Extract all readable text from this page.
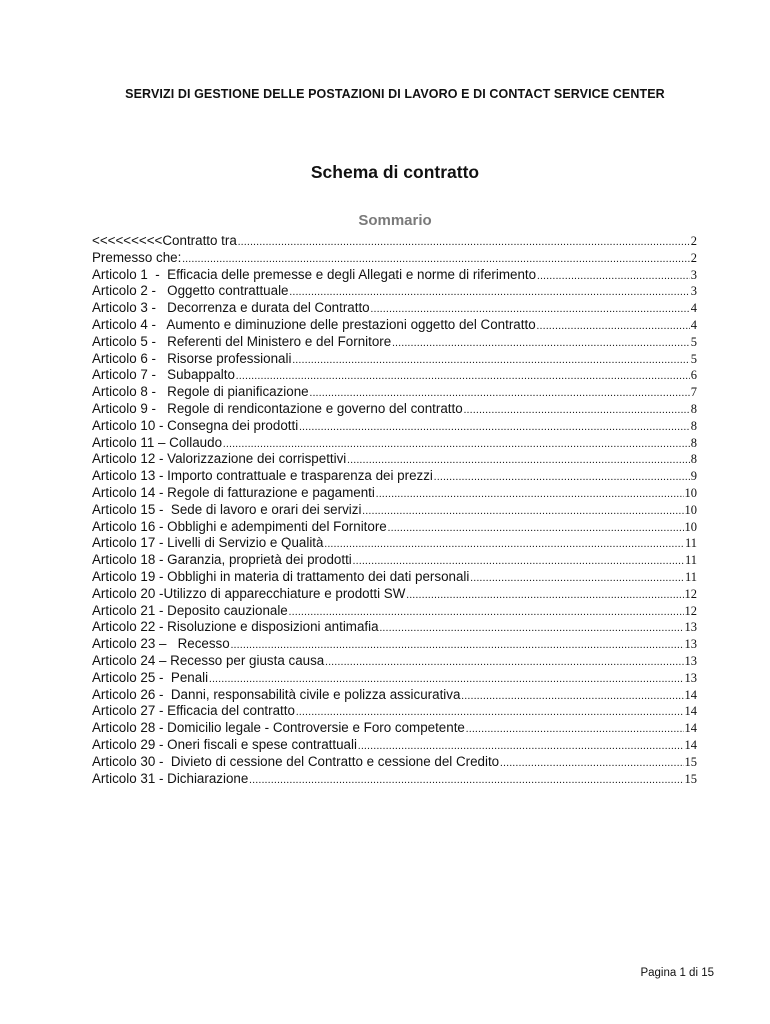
SERVIZI DI GESTIONE DELLE POSTAZIONI DI LAVORO E DI CONTACT SERVICE CENTER
Schema di contratto
Sommario
<<<<<<<<<Contratto tra .....	2
Premesso che: .....	2
Articolo 1  -  Efficacia delle premesse e degli Allegati e norme di riferimento .....	3
Articolo 2 -   Oggetto contrattuale .....	3
Articolo 3 -   Decorrenza e durata del Contratto .....	4
Articolo 4 -   Aumento e diminuzione delle prestazioni oggetto del Contratto .....	4
Articolo 5 -   Referenti del Ministero e del Fornitore .....	5
Articolo 6 -   Risorse professionali .....	5
Articolo 7 -   Subappalto .....	6
Articolo 8 -   Regole di pianificazione .....	7
Articolo 9 -   Regole di rendicontazione e governo del contratto .....	8
Articolo 10 - Consegna dei prodotti .....	8
Articolo 11 – Collaudo .....	8
Articolo 12 - Valorizzazione dei corrispettivi .....	8
Articolo 13 - Importo contrattuale e trasparenza dei prezzi .....	9
Articolo 14 - Regole di fatturazione e pagamenti .....	10
Articolo 15 -  Sede di lavoro e orari dei servizi .....	10
Articolo 16 - Obblighi e adempimenti del Fornitore .....	10
Articolo 17 - Livelli di Servizio e Qualità .....	11
Articolo 18 - Garanzia, proprietà dei prodotti .....	11
Articolo 19 - Obblighi in materia di trattamento dei dati personali .....	11
Articolo 20 -Utilizzo di apparecchiature e prodotti SW .....	12
Articolo 21 - Deposito cauzionale .....	12
Articolo 22 - Risoluzione e disposizioni antimafia .....	13
Articolo 23 –   Recesso .....	13
Articolo 24 – Recesso per giusta causa .....	13
Articolo 25 -  Penali .....	13
Articolo 26 -  Danni, responsabilità civile e polizza assicurativa .....	14
Articolo 27 - Efficacia del contratto .....	14
Articolo 28 - Domicilio legale - Controversie e Foro competente .....	14
Articolo 29 - Oneri fiscali e spese contrattuali .....	14
Articolo 30 -  Divieto di cessione del Contratto e cessione del Credito .....	15
Articolo 31 - Dichiarazione .....	15
Pagina 1 di 15
